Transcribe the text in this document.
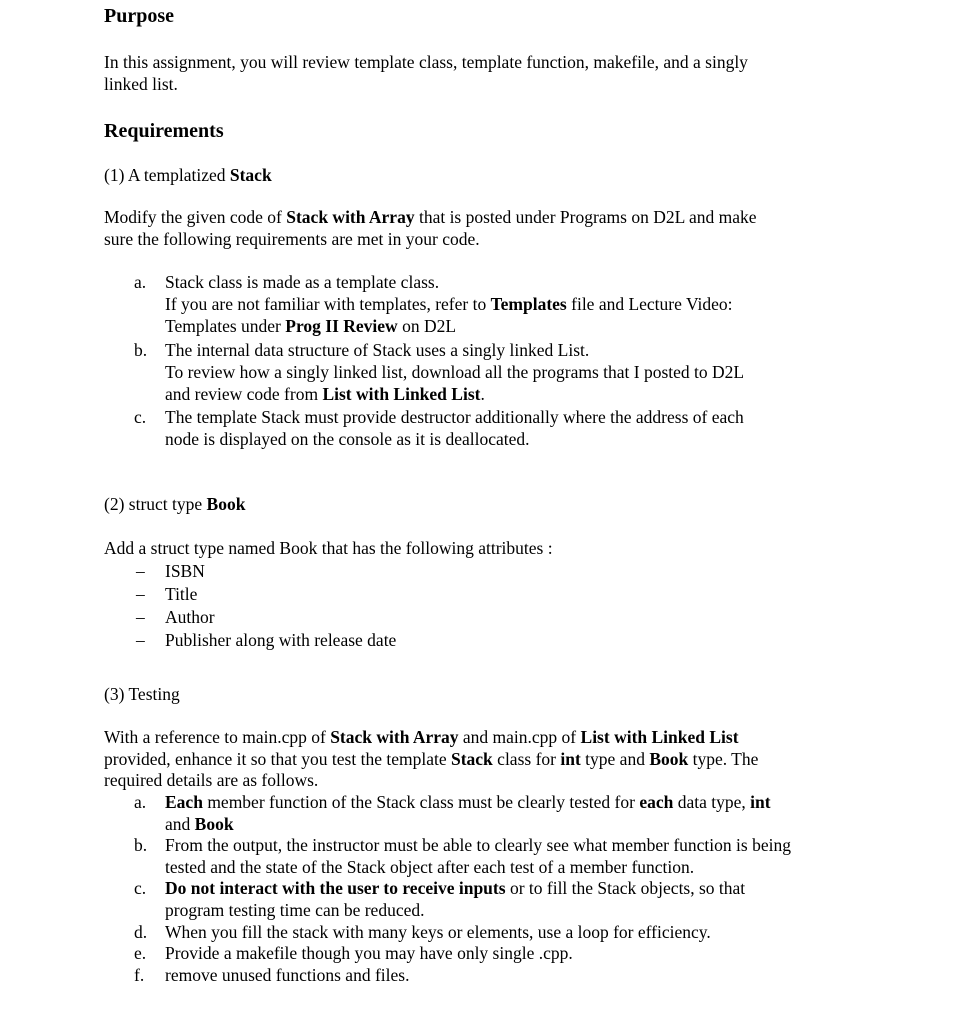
Purpose
In this assignment, you will review template class, template function, makefile, and a singly
linked list.
Requirements
(1) A templatized Stack
Modify the given code of Stack with Array that is posted under Programs on D2L and make
sure the following requirements are met in your code.
a. Stack class is made as a template class.
If you are not familiar with templates, refer to Templates file and Lecture Video:
Templates under Prog II Review on D2L
b. The internal data structure of Stack uses a singly linked List.
To review how a singly linked list, download all the programs that I posted to D2L
and review code from List with Linked List.
c. The template Stack must provide destructor additionally where the address of each
node is displayed on the console as it is deallocated.
(2) struct type Book
Add a struct type named Book that has the following attributes :
– ISBN
– Title
– Author
– Publisher along with release date
(3) Testing
With a reference to main.cpp of Stack with Array and main.cpp of List with Linked List
provided, enhance it so that you test the template Stack class for int type and Book type. The
required details are as follows.
a. Each member function of the Stack class must be clearly tested for each data type, int
and Book
b. From the output, the instructor must be able to clearly see what member function is being
tested and the state of the Stack object after each test of a member function.
c. Do not interact with the user to receive inputs or to fill the Stack objects, so that
program testing time can be reduced.
d. When you fill the stack with many keys or elements, use a loop for efficiency.
e. Provide a makefile though you may have only single .cpp.
f. remove unused functions and files.
